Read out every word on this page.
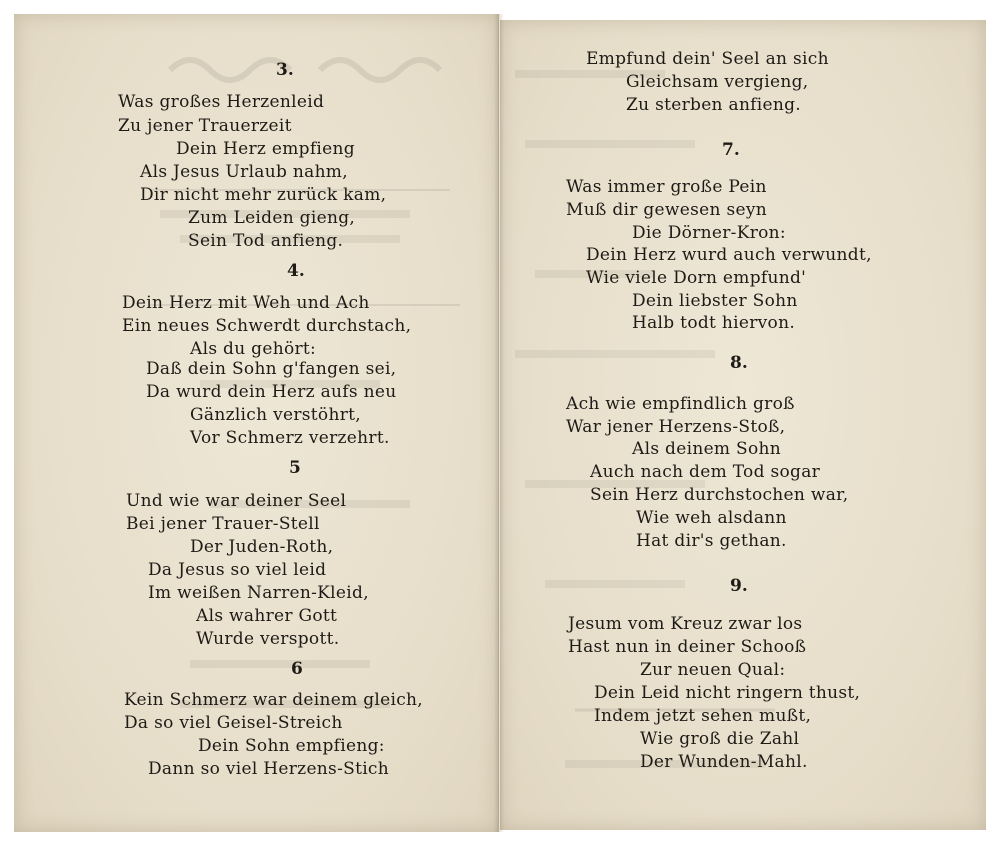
3.
Was großes Herzenleid
Zu jener Trauerzeit
Dein Herz empfieng
Als Jesus Urlaub nahm,
Dir nicht mehr zurück kam,
Zum Leiden gieng,
Sein Tod anfieng.
4.
Dein Herz mit Weh und Ach
Ein neues Schwerdt durchstach,
Als du gehört:
Daß dein Sohn g'fangen sei,
Da wurd dein Herz aufs neu
Gänzlich verstöhrt,
Vor Schmerz verzehrt.
5
Und wie war deiner Seel
Bei jener Trauer-Stell
Der Juden-Roth,
Da Jesus so viel leid
Im weißen Narren-Kleid,
Als wahrer Gott
Wurde verspott.
6
Kein Schmerz war deinem gleich,
Da so viel Geisel-Streich
Dein Sohn empfieng:
Dann so viel Herzens-Stich
Empfund dein' Seel an sich
Gleichsam vergieng,
Zu sterben anfieng.
7.
Was immer große Pein
Muß dir gewesen seyn
Die Dörner-Kron:
Dein Herz wurd auch verwundt,
Wie viele Dorn empfund'
Dein liebster Sohn
Halb todt hiervon.
8.
Ach wie empfindlich groß
War jener Herzens-Stoß,
Als deinem Sohn
Auch nach dem Tod sogar
Sein Herz durchstochen war,
Wie weh alsdann
Hat dir's gethan.
9.
Jesum vom Kreuz zwar los
Hast nun in deiner Schooß
Zur neuen Qual:
Dein Leid nicht ringern thust,
Indem jetzt sehen mußt,
Wie groß die Zahl
Der Wunden-Mahl.
